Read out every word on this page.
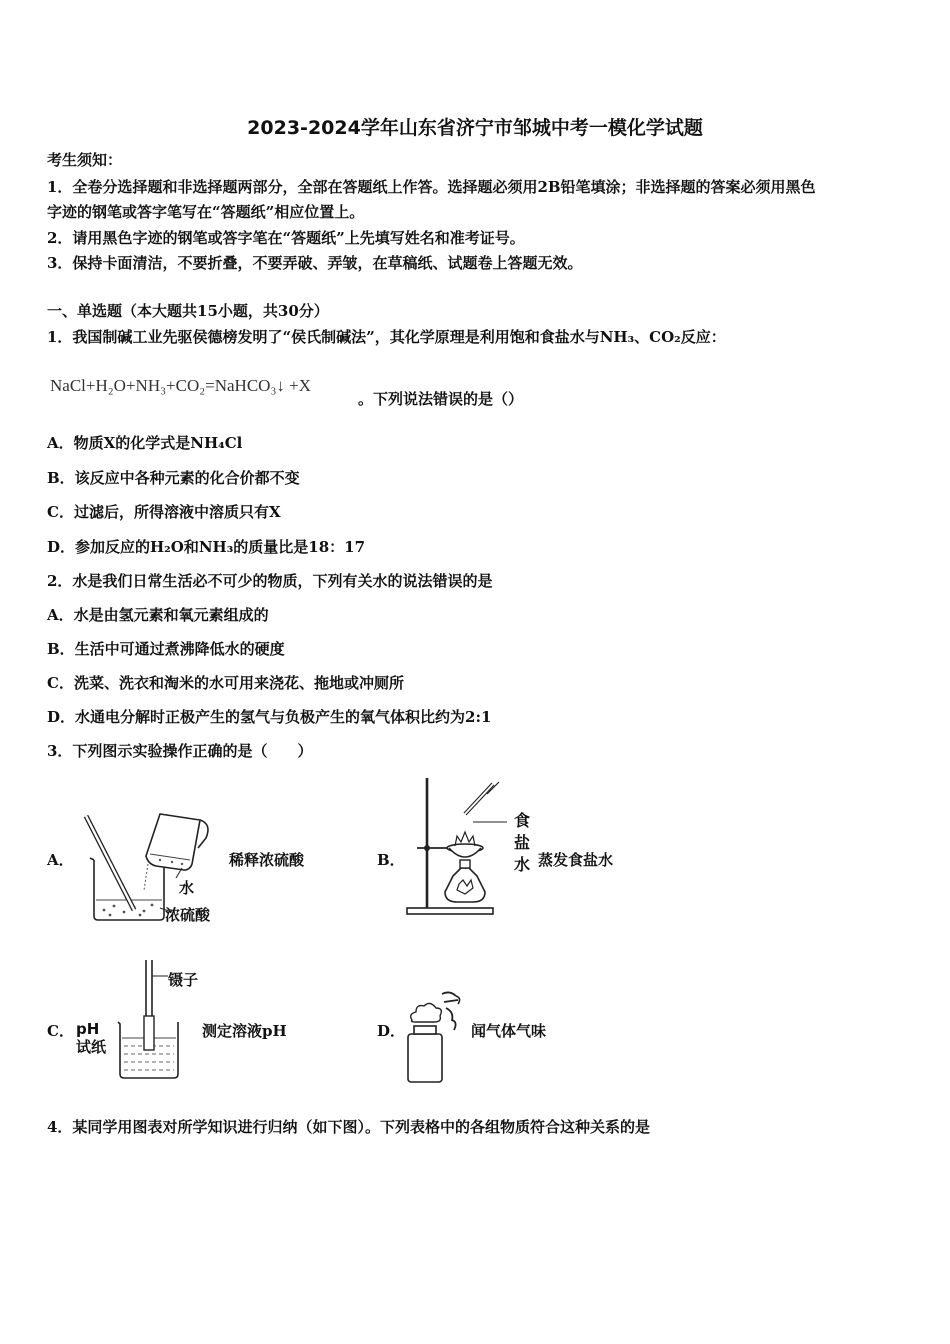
2023-2024学年山东省济宁市邹城中考一模化学试题
考生须知：
1．全卷分选择题和非选择题两部分，全部在答题纸上作答。选择题必须用2B铅笔填涂；非选择题的答案必须用黑色
字迹的钢笔或答字笔写在“答题纸”相应位置上。
2．请用黑色字迹的钢笔或答字笔在“答题纸”上先填写姓名和准考证号。
3．保持卡面清洁，不要折叠，不要弄破、弄皱，在草稿纸、试题卷上答题无效。
一、单选题（本大题共15小题，共30分）
1．我国制碱工业先驱侯德榜发明了“侯氏制碱法”，其化学原理是利用饱和食盐水与NH₃、CO₂反应：
NaCl+H₂O+NH₃+CO₂=NaHCO₃↓ +X
。下列说法错误的是（）
A．物质X的化学式是NH₄Cl
B．该反应中各种元素的化合价都不变
C．过滤后，所得溶液中溶质只有X
D．参加反应的H₂O和NH₃的质量比是18：17
2．水是我们日常生活必不可少的物质，下列有关水的说法错误的是
A．水是由氢元素和氧元素组成的
B．生活中可通过煮沸降低水的硬度
C．洗菜、洗衣和淘米的水可用来浇花、拖地或冲厕所
D．水通电分解时正极产生的氢气与负极产生的氧气体积比约为2:1
3．下列图示实验操作正确的是（　　）
A．
水
浓硫酸
稀释浓硫酸	B．
食
盐
水 蒸发食盐水
C．
镊子
pH
试纸
测定溶液pH	D．	闻气体气味
4．某同学用图表对所学知识进行归纳（如下图）。下列表格中的各组物质符合这种关系的是
